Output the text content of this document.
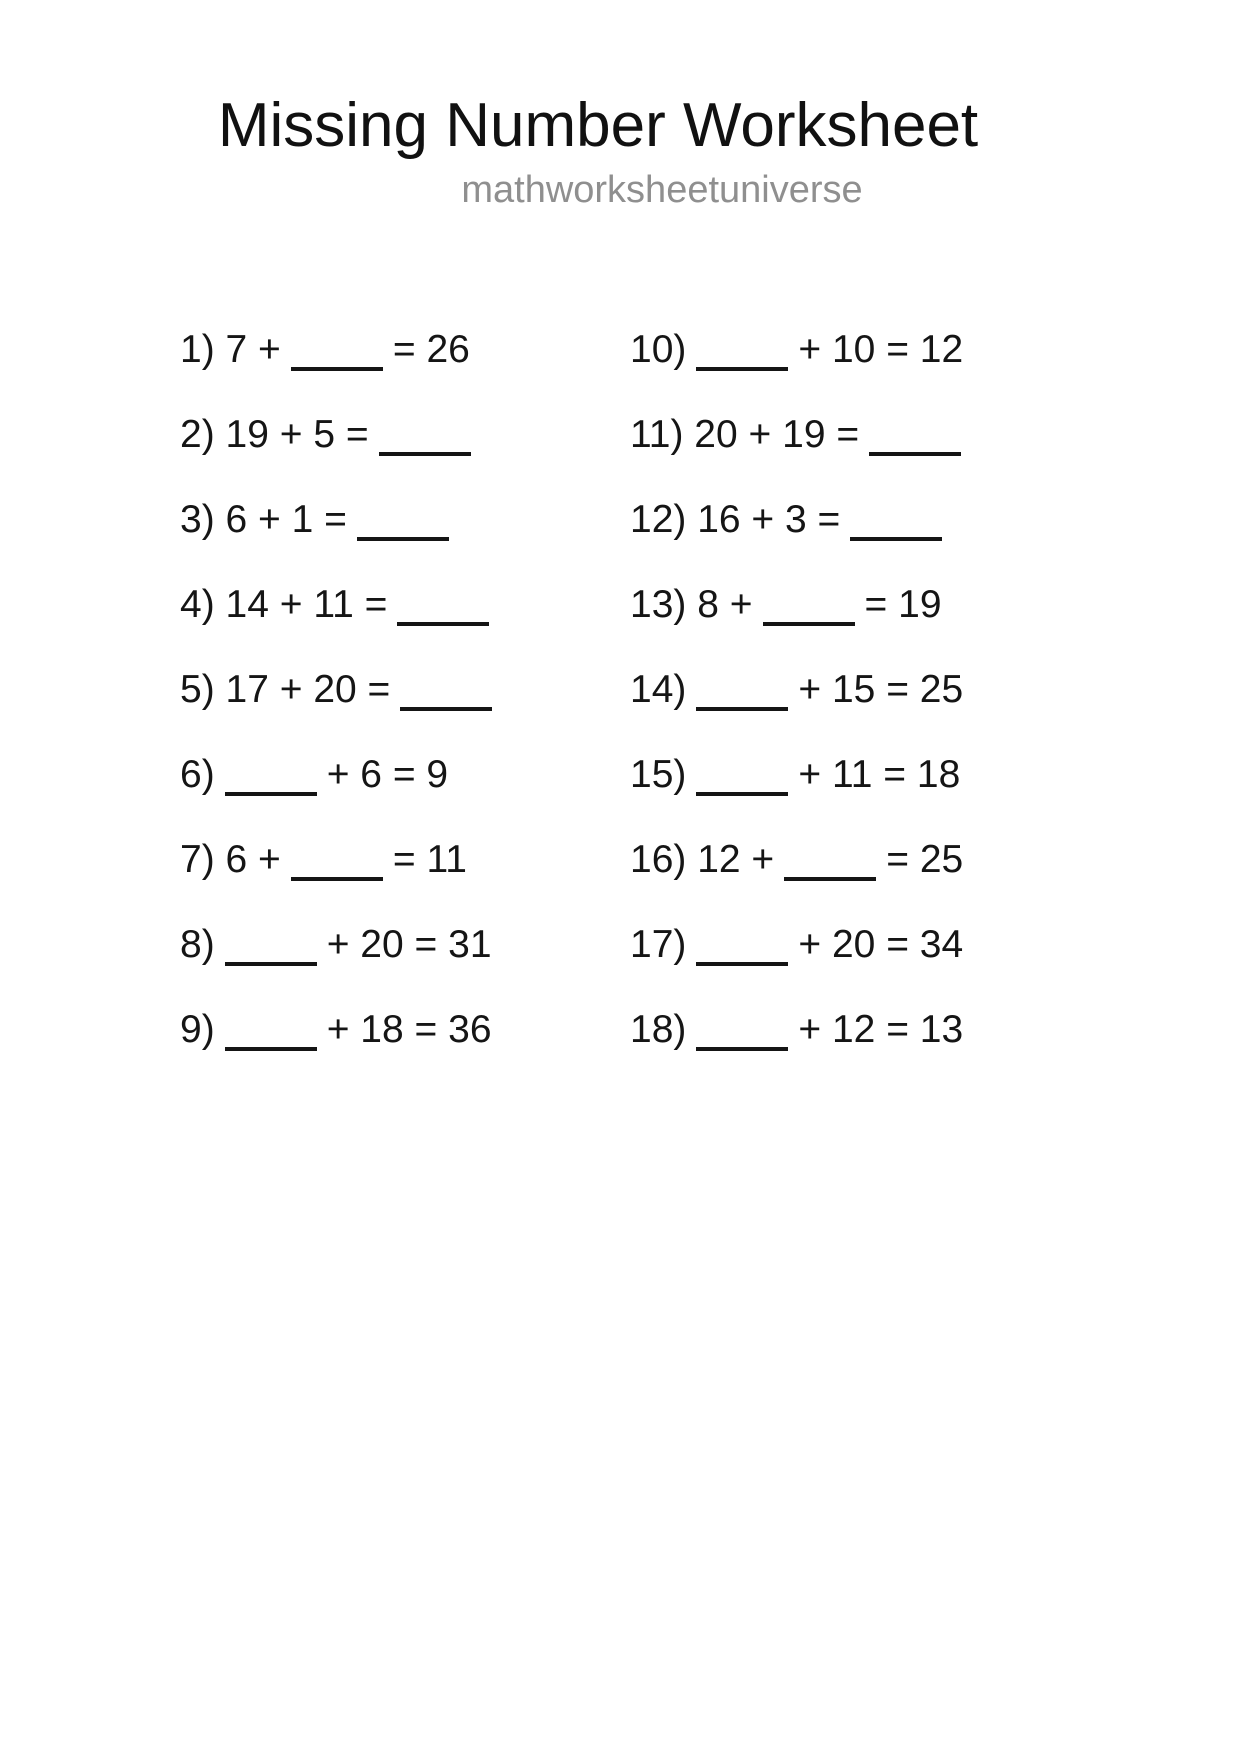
Missing Number Worksheet
mathworksheetuniverse
1) 7 +	= 26
2) 19 + 5 =
3) 6 + 1 =
4) 14 + 11 =
5) 17 + 20 =
6)	+ 6 = 9
7) 6 +	= 11
8)	+ 20 = 31
9)	+ 18 = 36
10)	+ 10 = 12
11) 20 + 19 =
12) 16 + 3 =
13) 8 +	= 19
14)	+ 15 = 25
15)	+ 11 = 18
16) 12 +	= 25
17)	+ 20 = 34
18)	+ 12 = 13
